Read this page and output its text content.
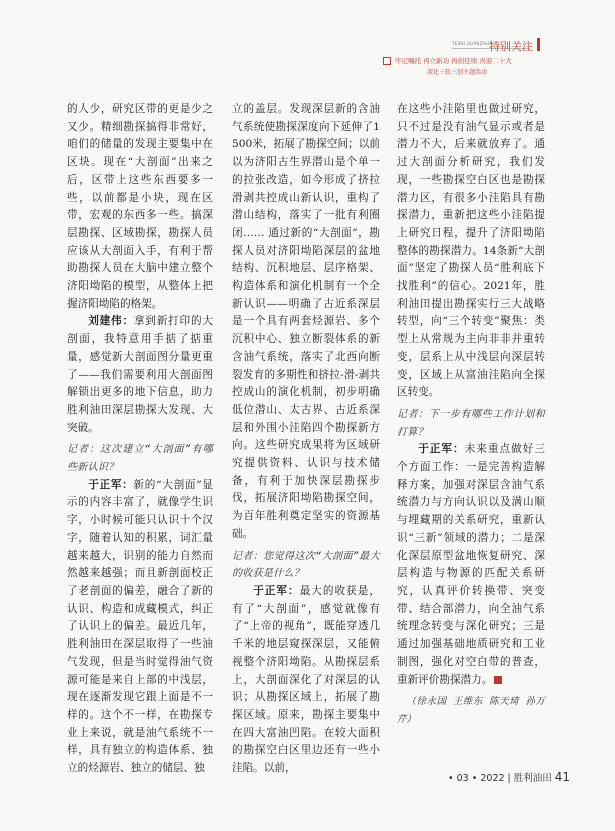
TESHI GUANZHU 特别关注
牢记嘱托 再立新功 再创佳绩 喜迎二十大
深化三转三创主题活动

的人少，研究区带的更是少之又少。精细勘探搞得非常好，咱们的储量的发现主要集中在区块。现在“大剖面”出来之后，区带上这些东西要多一些，以前都是小块，现在区带，宏观的东西多一些。搞深层勘探、区域勘探，勘探人员应该从大剖面入手，有利于帮助勘探人员在大脑中建立整个济阳坳陷的模型，从整体上把握济阳坳陷的格架。

刘建伟：拿到新打印的大剖面，我特意用手掂了掂重量，感觉新大剖面图分量更重了——我们需要利用大剖面图解锁出更多的地下信息，助力胜利油田深层勘探大发现、大突破。

记者：这次建立“大剖面”有哪些新认识？

于正军：新的“大剖面”显示的内容丰富了，就像学生识字，小时候可能只认识十个汉字，随着认知的积累，词汇量越来越大，识别的能力自然而然越来越强；而且新剖面校正了老剖面的偏差，融合了新的认识、构造和成藏模式，纠正了认识上的偏差。最近几年，胜利油田在深层取得了一些油气发现，但是当时觉得油气资源可能是来自上部的中浅层，现在逐渐发现它跟上面是不一样的。这个不一样，在勘探专业上来说，就是油气系统不一样，具有独立的构造体系、独立的烃源岩、独立的储层、独

立的盖层。发现深层新的含油气系统使勘探深度向下延伸了1500米，拓展了勘探空间；以前以为济阳古生界潜山是个单一的拉张改造，如今形成了挤拉滑剥共控成山新认识，重构了潜山结构，落实了一批有利圈闭…… 通过新的“大剖面”，勘探人员对济阳坳陷深层的盆地结构、沉积地层、层序格架、构造体系和演化机制有一个全新认识——明确了古近系深层是一个具有两套烃源岩、多个沉积中心、独立断裂体系的新含油气系统，落实了北西向断裂发育的多期性和挤拉-滑-剥共控成山的演化机制，初步明确低位潜山、太古界、古近系深层和外围小洼陷四个勘探新方向。这些研究成果将为区域研究提供资料、认识与技术储备，有利于加快深层勘探步伐，拓展济阳坳陷勘探空间，为百年胜利奠定坚实的资源基础。

记者：您觉得这次“大剖面”最大的收获是什么？

于正军：最大的收获是，有了“大剖面”，感觉就像有了“上帝的视角”，既能穿透几千米的地层窥探深层，又能俯视整个济阳坳陷。从勘探层系上，大剖面深化了对深层的认识；从勘探区域上，拓展了勘探区域。原来，勘探主要集中在四大富油凹陷。在较大面积的勘探空白区里边还有一些小洼陷。以前，

在这些小洼陷里也做过研究，只不过是没有油气显示或者是潜力不大，后来就放弃了。通过大剖面分析研究，我们发现，一些勘探空白区也是勘探潜力区，有很多小洼陷具有勘探潜力，重新把这些小洼陷提上研究日程，提升了济阳坳陷整体的勘探潜力。14条新“大剖面”坚定了勘探人员“胜利底下找胜利”的信心。2021年，胜利油田提出勘探实行三大战略转型，向“三个转变”聚焦：类型上从常规为主向非非并重转变，层系上从中浅层向深层转变，区域上从富油洼陷向全探区转变。

记者：下一步有哪些工作计划和打算？

于正军：未来重点做好三个方面工作：一是完善构造解释方案，加强对深层含油气系统潜力与方向认识以及满山顺与埋藏期的关系研究，重新认识“三新”领域的潜力；二是深化深层原型盆地恢复研究、深层构造与物源的匹配关系研究，认真评价转换带、突变带、结合部潜力，向全油气系统理念转变与深化研究；三是通过加强基础地质研究和工业制图，强化对空白带的普查，重新评价勘探潜力。

（徐永国 王维东 陈天琦 孙万芹）

• 03 • 2022 | 胜利油田 41
